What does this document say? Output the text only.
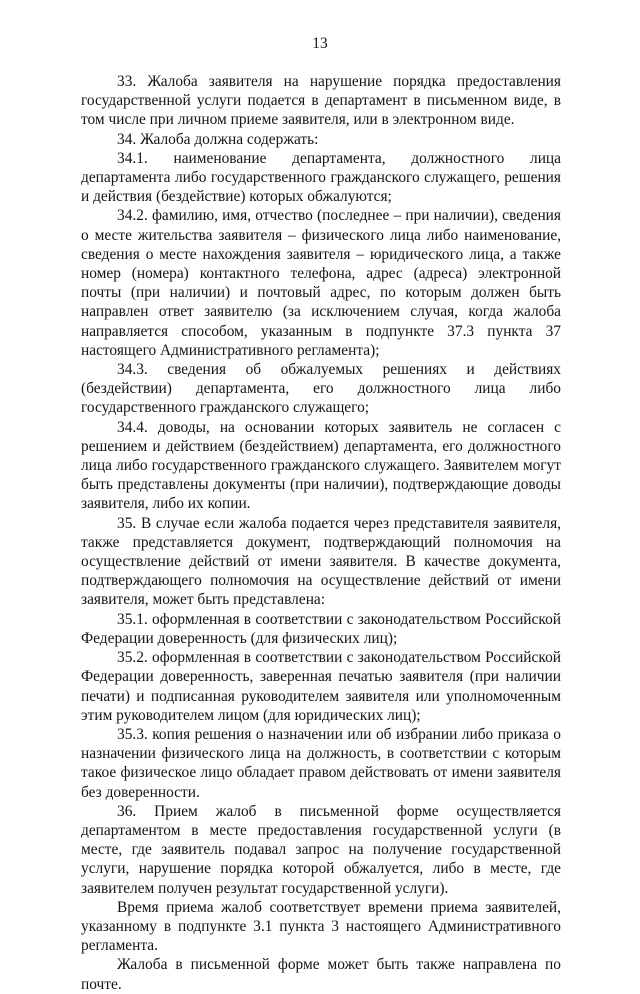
13

33. Жалоба заявителя на нарушение порядка предоставления государственной услуги подается в департамент в письменном виде, в том числе при личном приеме заявителя, или в электронном виде.

34. Жалоба должна содержать:

34.1. наименование департамента, должностного лица департамента либо государственного гражданского служащего, решения и действия (бездействие) которых обжалуются;

34.2. фамилию, имя, отчество (последнее – при наличии), сведения о месте жительства заявителя – физического лица либо наименование, сведения о месте нахождения заявителя – юридического лица, а также номер (номера) контактного телефона, адрес (адреса) электронной почты (при наличии) и почтовый адрес, по которым должен быть направлен ответ заявителю (за исключением случая, когда жалоба направляется способом, указанным в подпункте 37.3 пункта 37 настоящего Административного регламента);

34.3. сведения об обжалуемых решениях и действиях (бездействии) департамента, его должностного лица либо государственного гражданского служащего;

34.4. доводы, на основании которых заявитель не согласен с решением и действием (бездействием) департамента, его должностного лица либо государственного гражданского служащего. Заявителем могут быть представлены документы (при наличии), подтверждающие доводы заявителя, либо их копии.

35. В случае если жалоба подается через представителя заявителя, также представляется документ, подтверждающий полномочия на осуществление действий от имени заявителя. В качестве документа, подтверждающего полномочия на осуществление действий от имени заявителя, может быть представлена:

35.1. оформленная в соответствии с законодательством Российской Федерации доверенность (для физических лиц);

35.2. оформленная в соответствии с законодательством Российской Федерации доверенность, заверенная печатью заявителя (при наличии печати) и подписанная руководителем заявителя или уполномоченным этим руководителем лицом (для юридических лиц);

35.3. копия решения о назначении или об избрании либо приказа о назначении физического лица на должность, в соответствии с которым такое физическое лицо обладает правом действовать от имени заявителя без доверенности.

36. Прием жалоб в письменной форме осуществляется департаментом в месте предоставления государственной услуги (в месте, где заявитель подавал запрос на получение государственной услуги, нарушение порядка которой обжалуется, либо в месте, где заявителем получен результат государственной услуги).

Время приема жалоб соответствует времени приема заявителей, указанному в подпункте 3.1 пункта 3 настоящего Административного регламента.

Жалоба в письменной форме может быть также направлена по почте.
